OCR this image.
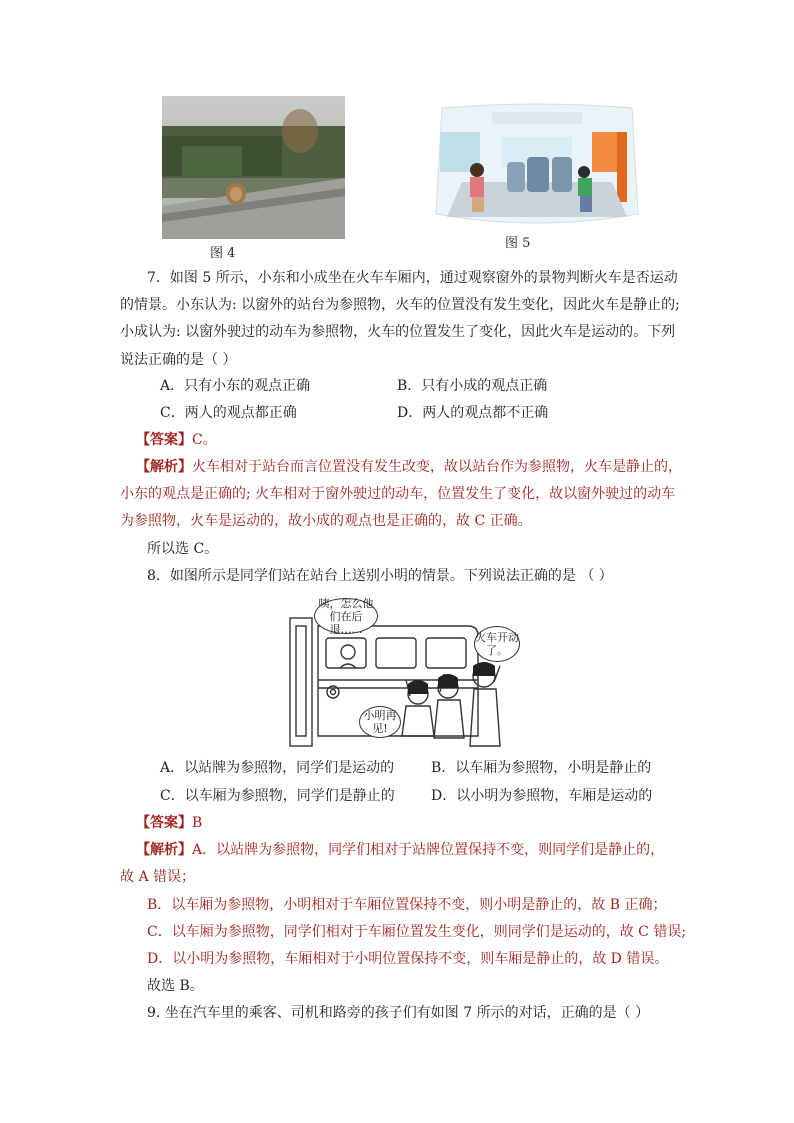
图 4
图 5
7．如图 5 所示，小东和小成坐在火车车厢内，通过观察窗外的景物判断火车是否运动
的情景。小东认为: 以窗外的站台为参照物，火车的位置没有发生变化，因此火车是静止的;
小成认为: 以窗外驶过的动车为参照物，火车的位置发生了变化，因此火车是运动的。下列
说法正确的是（ ）
A．只有小东的观点正确	B．只有小成的观点正确
C．两人的观点都正确	D．两人的观点都不正确
【答案】C。
【解析】火车相对于站台而言位置没有发生改变，故以站台作为参照物，火车是静止的，
小东的观点是正确的; 火车相对于窗外驶过的动车，位置发生了变化，故以窗外驶过的动车
为参照物，火车是运动的，故小成的观点也是正确的，故 C 正确。
所以选 C。
8．如图所示是同学们站在站台上送别小明的情景。下列说法正确的是 （ ）
咦，怎么他们在后退……
火车开动了。
小明再见!
A．以站牌为参照物，同学们是运动的	B．以车厢为参照物，小明是静止的
C．以车厢为参照物，同学们是静止的	D．以小明为参照物，车厢是运动的
【答案】B
【解析】A．以站牌为参照物，同学们相对于站牌位置保持不变，则同学们是静止的，
故 A 错误；
B．以车厢为参照物，小明相对于车厢位置保持不变，则小明是静止的，故 B 正确；
C．以车厢为参照物，同学们相对于车厢位置发生变化，则同学们是运动的，故 C 错误;
D．以小明为参照物，车厢相对于小明位置保持不变，则车厢是静止的，故 D 错误。
故选 B。
9. 坐在汽车里的乘客、司机和路旁的孩子们有如图 7 所示的对话，正确的是（ ）
